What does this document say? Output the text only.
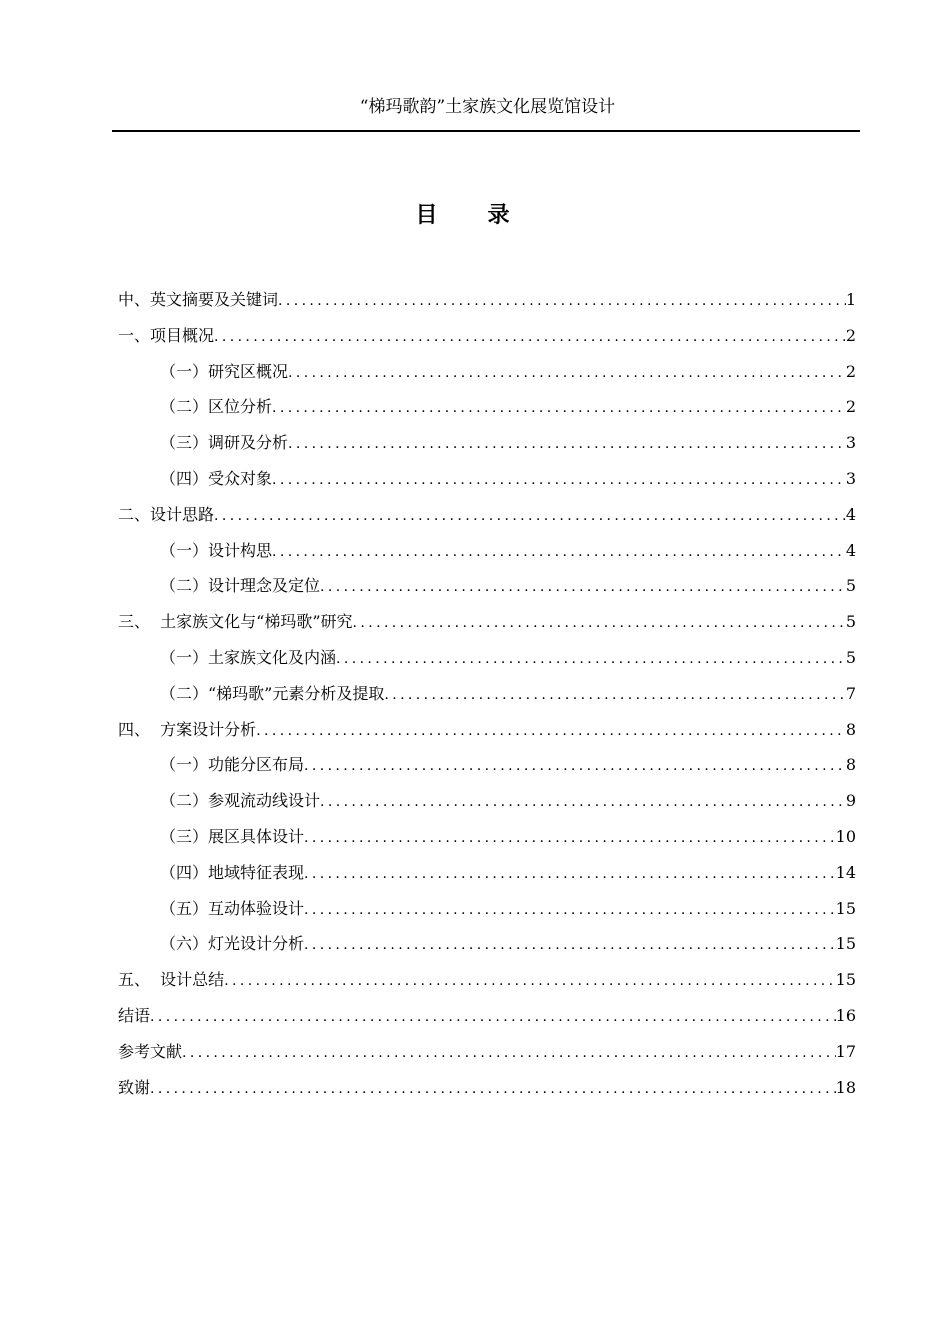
“梯玛歌韵”土家族文化展览馆设计
目录
中、英文摘要及关键词 .....	1
一、项目概况 .....	2
（一）研究区概况 .....	2
（二）区位分析 .....	2
（三）调研及分析 .....	3
（四）受众对象 .....	3
二、设计思路 .....	4
（一）设计构思 .....	4
（二）设计理念及定位 .....	5
三、  土家族文化与“梯玛歌”研究 .....	5
（一）土家族文化及内涵 .....	5
（二）“梯玛歌”元素分析及提取 .....	7
四、  方案设计分析 .....	8
（一）功能分区布局 .....	8
（二）参观流动线设计 .....	9
（三）展区具体设计 .....	10
（四）地域特征表现 .....	14
（五）互动体验设计 .....	15
（六）灯光设计分析 .....	15
五、  设计总结 .....	15
结语 .....	16
参考文献 .....	17
致谢 .....	18
